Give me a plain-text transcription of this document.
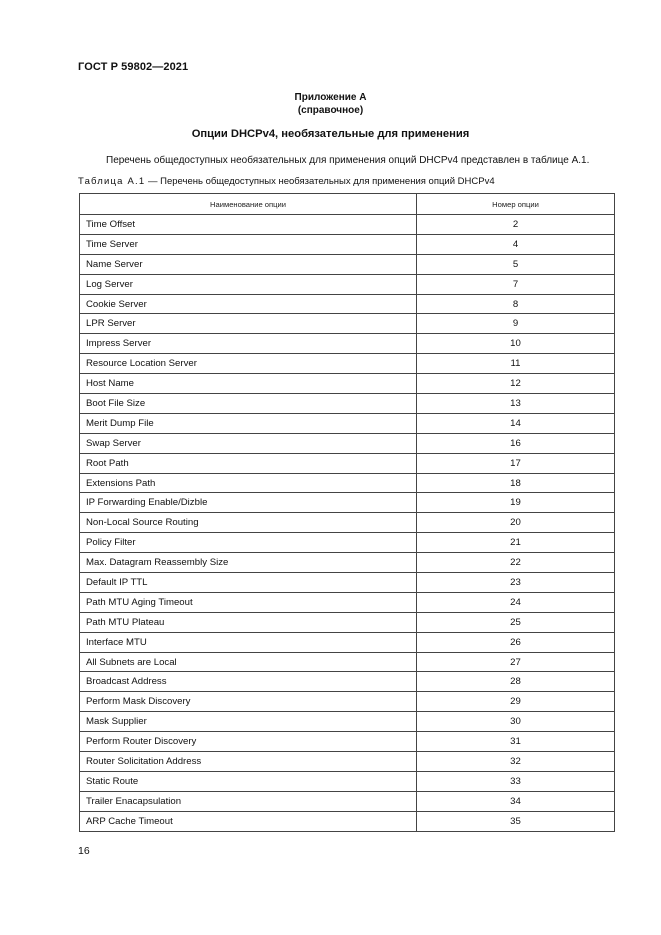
ГОСТ Р 59802—2021
Приложение А
(справочное)
Опции DHCPv4, необязательные для применения
Перечень общедоступных необязательных для применения опций DHCPv4 представлен в таблице А.1.
Таблица А.1 — Перечень общедоступных необязательных для применения опций DHCPv4
Наименование опции	Номер опции
Time Offset	2
Time Server	4
Name Server	5
Log Server	7
Cookie Server	8
LPR Server	9
Impress Server	10
Resource Location Server	11
Host Name	12
Boot File Size	13
Merit Dump File	14
Swap Server	16
Root Path	17
Extensions Path	18
IP Forwarding Enable/Dizble	19
Non-Local Source Routing	20
Policy Filter	21
Max. Datagram Reassembly Size	22
Default IP TTL	23
Path MTU Aging Timeout	24
Path MTU Plateau	25
Interface MTU	26
All Subnets are Local	27
Broadcast Address	28
Perform Mask Discovery	29
Mask Supplier	30
Perform Router Discovery	31
Router Solicitation Address	32
Static Route	33
Trailer Enacapsulation	34
ARP Cache Timeout	35
16
